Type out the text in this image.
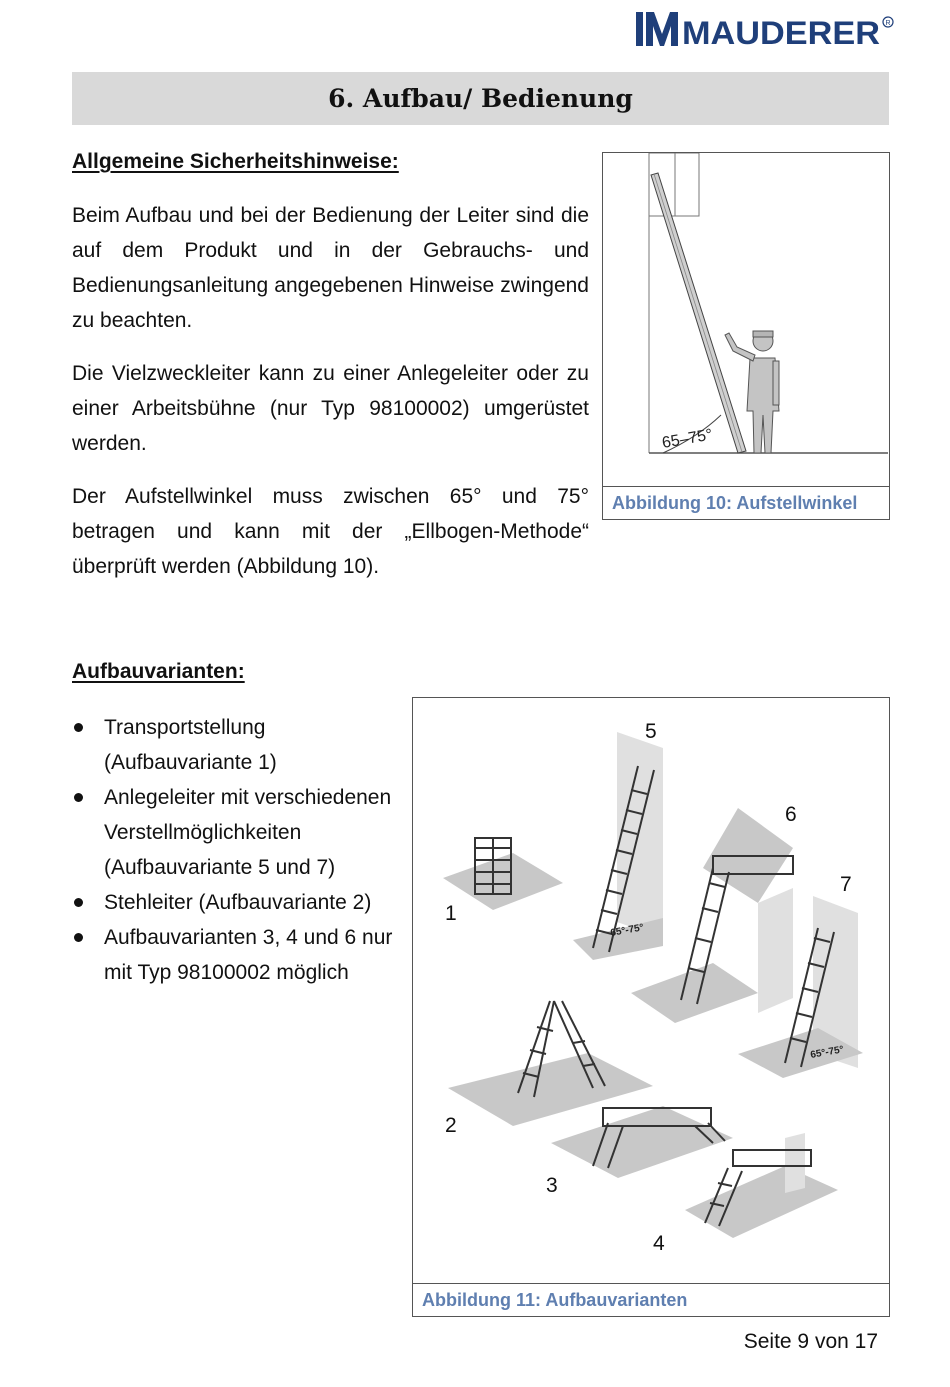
MAUDERER R
6. Aufbau/ Bedienung
Allgemeine Sicherheitshinweise:

Beim Aufbau und bei der Bedienung der Leiter sind die auf dem Produkt und in der Gebrauchs- und Bedienungsanleitung angegebenen Hinweise zwingend zu beachten.

Die Vielzweckleiter kann zu einer Anlegeleiter oder zu einer Arbeitsbühne (nur Typ 98100002) umgerüstet werden.

Der Aufstellwinkel muss zwischen 65° und 75° betragen und kann mit der „Ellbogen-Methode“ überprüft werden (Abbildung 10).

65–75°
Abbildung 10: Aufstellwinkel
Aufbauvarianten:
Transportstellung (Aufbauvariante 1)
Anlegeleiter mit verschiedenen Verstellmöglichkeiten (Aufbauvariante 5 und 7)
Stehleiter (Aufbauvariante 2)
Aufbauvarianten 3, 4 und 6 nur mit Typ 98100002 möglich
65°-75°
65°-75°
1
2
3
4
5
6
7
Abbildung 11: Aufbauvarianten
Seite 9 von 17
